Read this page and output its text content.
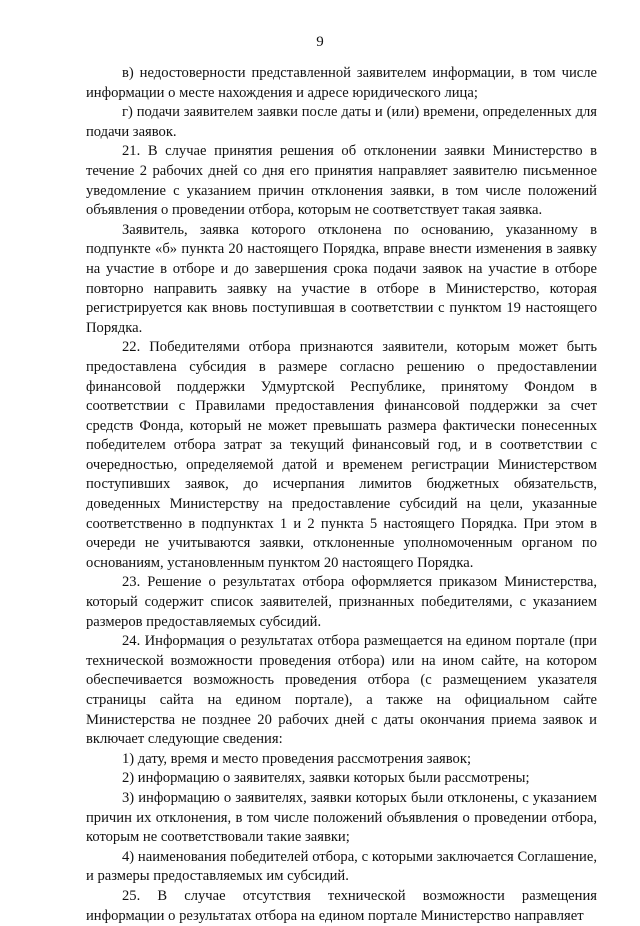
9

в) недостоверности представленной заявителем информации, в том числе информации о месте нахождения и адресе юридического лица;

г) подачи заявителем заявки после даты и (или) времени, определенных для подачи заявок.

21. В случае принятия решения об отклонении заявки Министерство в течение 2 рабочих дней со дня его принятия направляет заявителю письменное уведомление с указанием причин отклонения заявки, в том числе положений объявления о проведении отбора, которым не соответствует такая заявка.

Заявитель, заявка которого отклонена по основанию, указанному в подпункте «б» пункта 20 настоящего Порядка, вправе внести изменения в заявку на участие в отборе и до завершения срока подачи заявок на участие в отборе повторно направить заявку на участие в отборе в Министерство, которая регистрируется как вновь поступившая в соответствии с пунктом 19 настоящего Порядка.

22. Победителями отбора признаются заявители, которым может быть предоставлена субсидия в размере согласно решению о предоставлении финансовой поддержки Удмуртской Республике, принятому Фондом в соответствии с Правилами предоставления финансовой поддержки за счет средств Фонда, который не может превышать размера фактически понесенных победителем отбора затрат за текущий финансовый год, и в соответствии с очередностью, определяемой датой и временем регистрации Министерством поступивших заявок, до исчерпания лимитов бюджетных обязательств, доведенных Министерству на предоставление субсидий на цели, указанные соответственно в подпунктах 1 и 2 пункта 5 настоящего Порядка. При этом в очереди не учитываются заявки, отклоненные уполномоченным органом по основаниям, установленным пунктом 20 настоящего Порядка.

23. Решение о результатах отбора оформляется приказом Министерства, который содержит список заявителей, признанных победителями, с указанием размеров предоставляемых субсидий.

24. Информация о результатах отбора размещается на едином портале (при технической возможности проведения отбора) или на ином сайте, на котором обеспечивается возможность проведения отбора (с размещением указателя страницы сайта на едином портале), а также на официальном сайте Министерства не позднее 20 рабочих дней с даты окончания приема заявок и включает следующие сведения:

1) дату, время и место проведения рассмотрения заявок;

2) информацию о заявителях, заявки которых были рассмотрены;

3) информацию о заявителях, заявки которых были отклонены, с указанием причин их отклонения, в том числе положений объявления о проведении отбора, которым не соответствовали такие заявки;

4) наименования победителей отбора, с которыми заключается Соглашение, и размеры предоставляемых им субсидий.

25. В случае отсутствия технической возможности размещения информации о результатах отбора на едином портале Министерство направляет
